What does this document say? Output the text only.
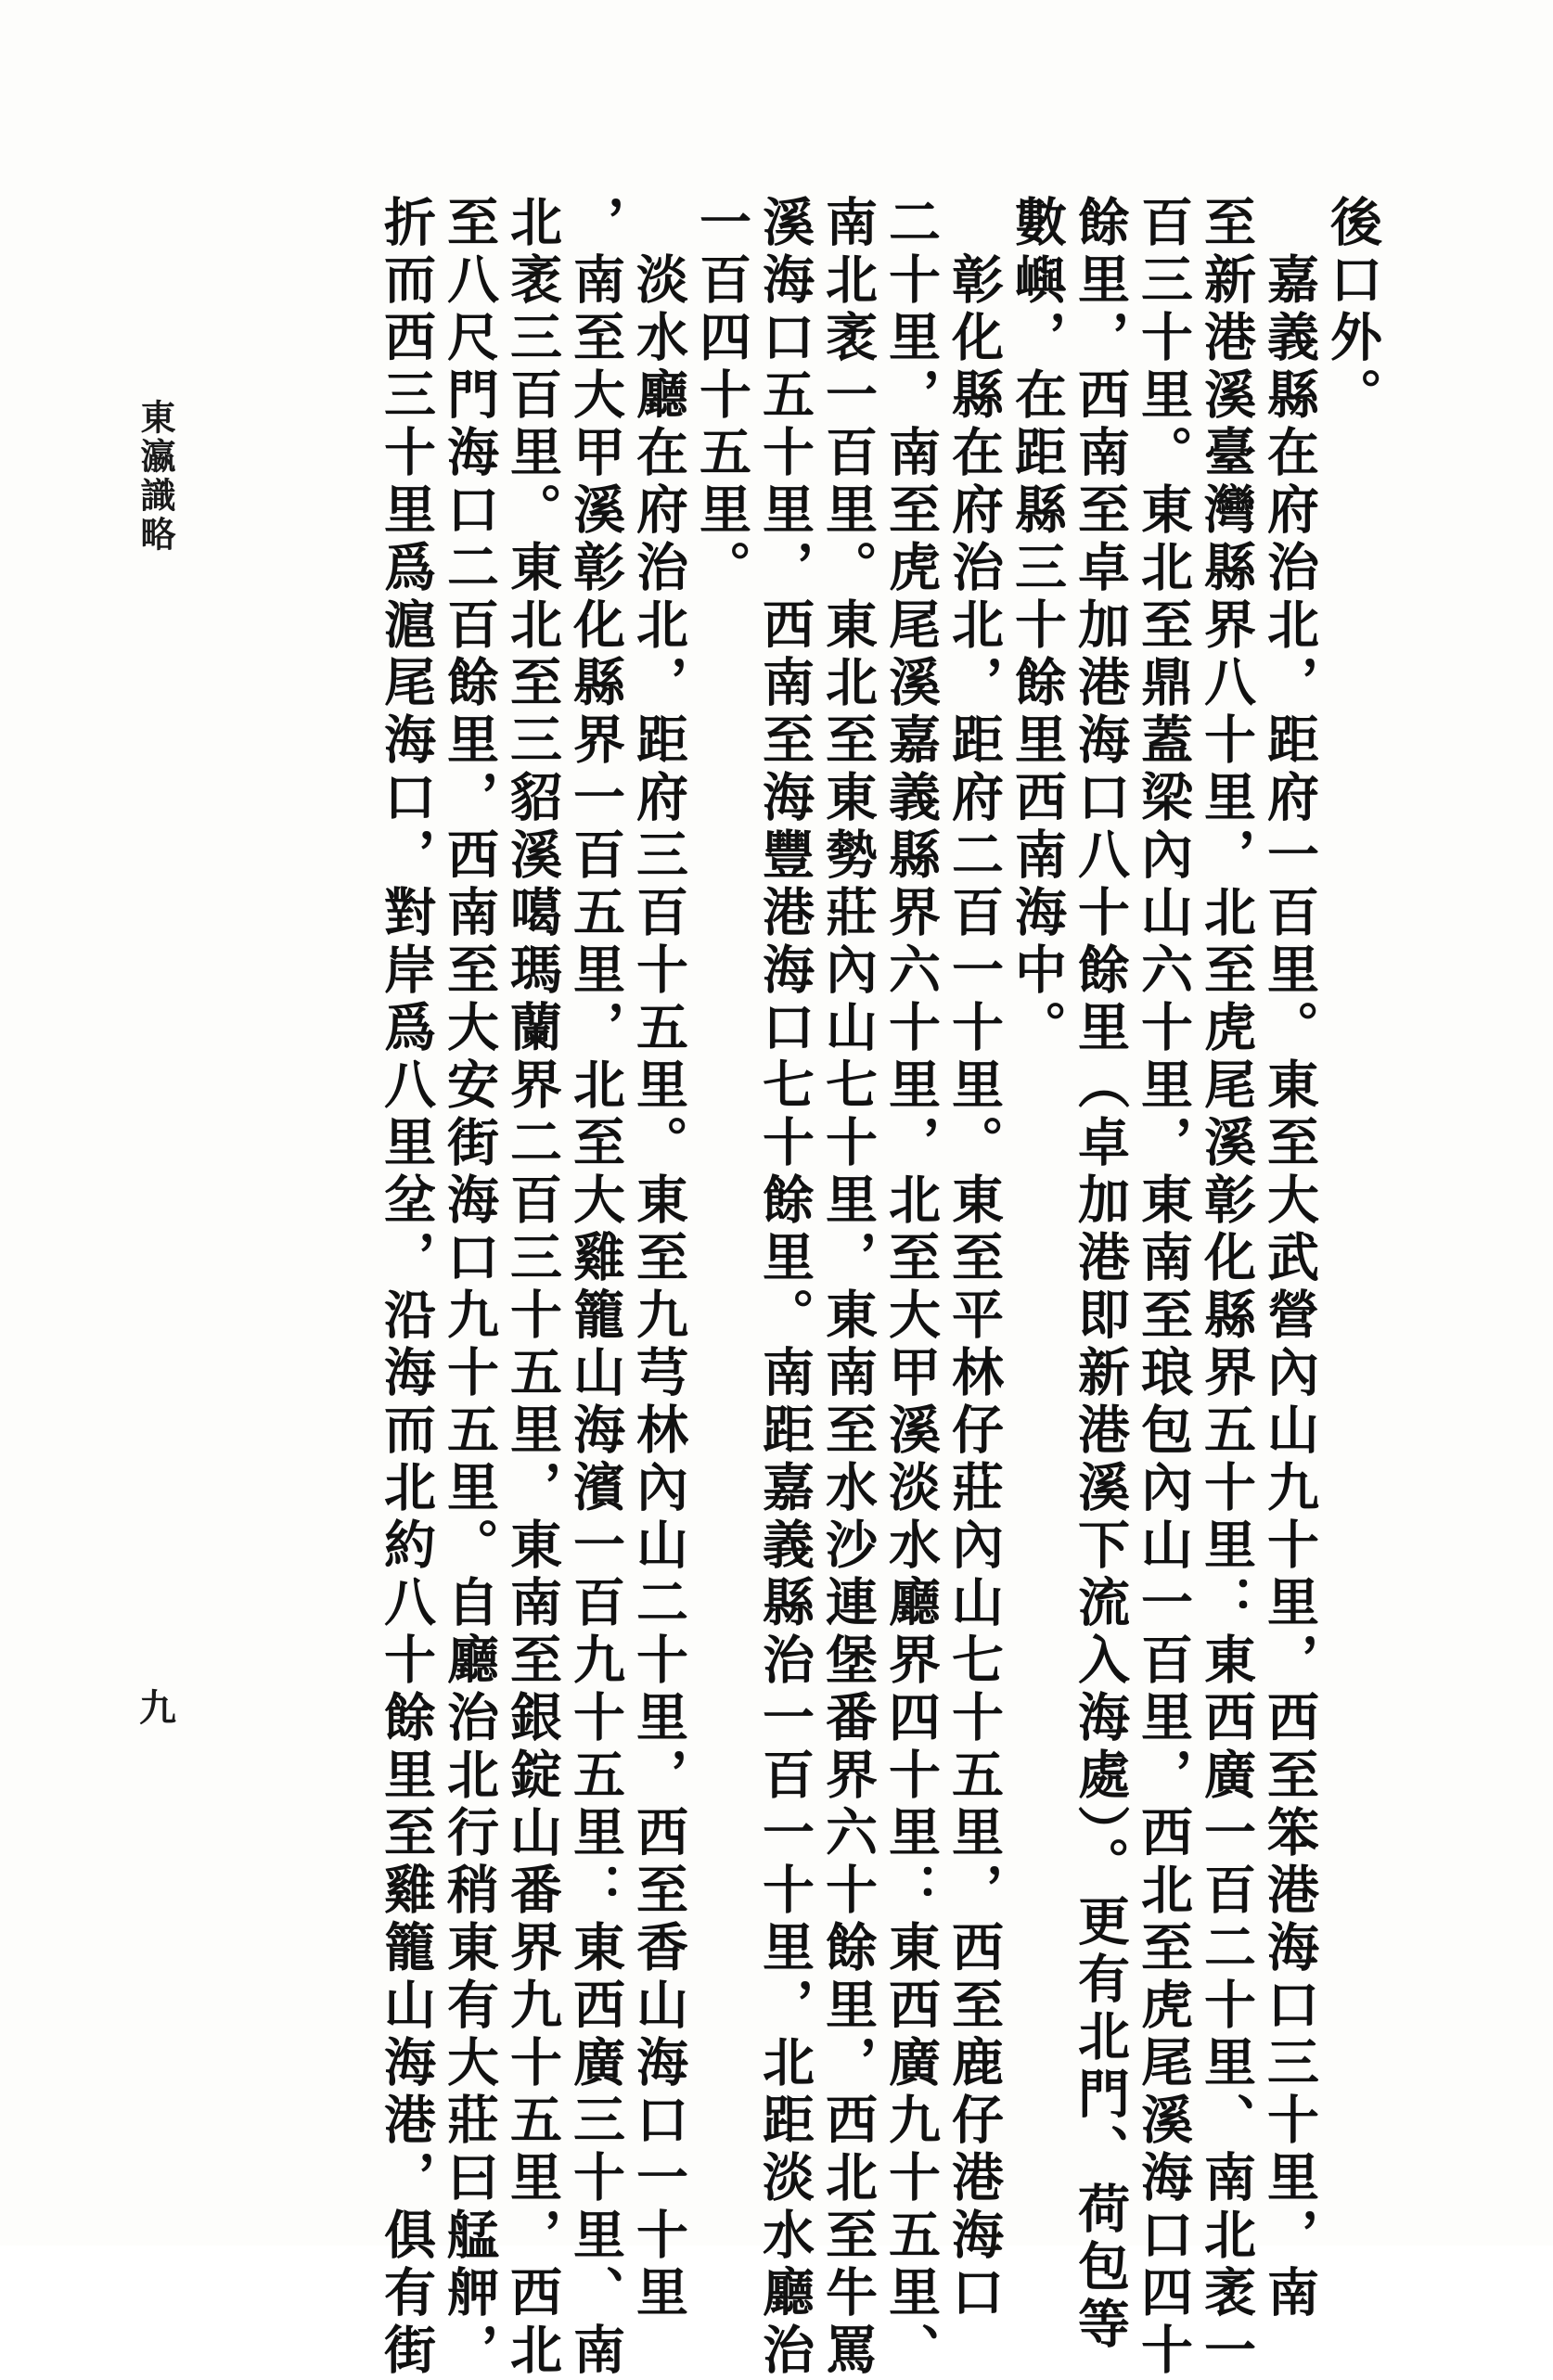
後口外。
　嘉義縣在府治北，距府一百里。東至大武營內山九十里，西至笨港海口三十里，南
至新港溪臺灣縣界八十里，北至虎尾溪彰化縣界五十里：東西廣一百二十里、南北袤一
百三十里。東北至鼎蓋梁內山六十里，東南至琅包內山一百里，西北至虎尾溪海口四十
餘里，西南至卓加港海口八十餘里（卓加港即新港溪下流入海處）。更有北門、荷包等
數嶼，在距縣三十餘里西南海中。
　彰化縣在府治北，距府二百一十里。東至平林仔莊內山七十五里，西至鹿仔港海口
二十里，南至虎尾溪嘉義縣界六十里，北至大甲溪淡水廳界四十里：東西廣九十五里、
南北袤一百里。東北至東勢莊內山七十里，東南至水沙連堡番界六十餘里，西北至牛罵
溪海口五十里，西南至海豐港海口七十餘里。南距嘉義縣治一百一十里，北距淡水廳治
一百四十五里。
　淡水廳在府治北，距府三百十五里。東至九芎林內山二十里，西至香山海口一十里
，南至大甲溪彰化縣界一百五里，北至大雞籠山海濱一百九十五里：東西廣三十里、南
北袤三百里。東北至三貂溪噶瑪蘭界二百三十五里，東南至銀錠山番界九十五里，西北
至八尺門海口二百餘里，西南至大安街海口九十五里。自廳治北行稍東有大莊曰艋舺，
折而西三十里爲滬尾海口，對岸爲八里坌，沿海而北約八十餘里至雞籠山海港，俱有街
東瀛識略
九
